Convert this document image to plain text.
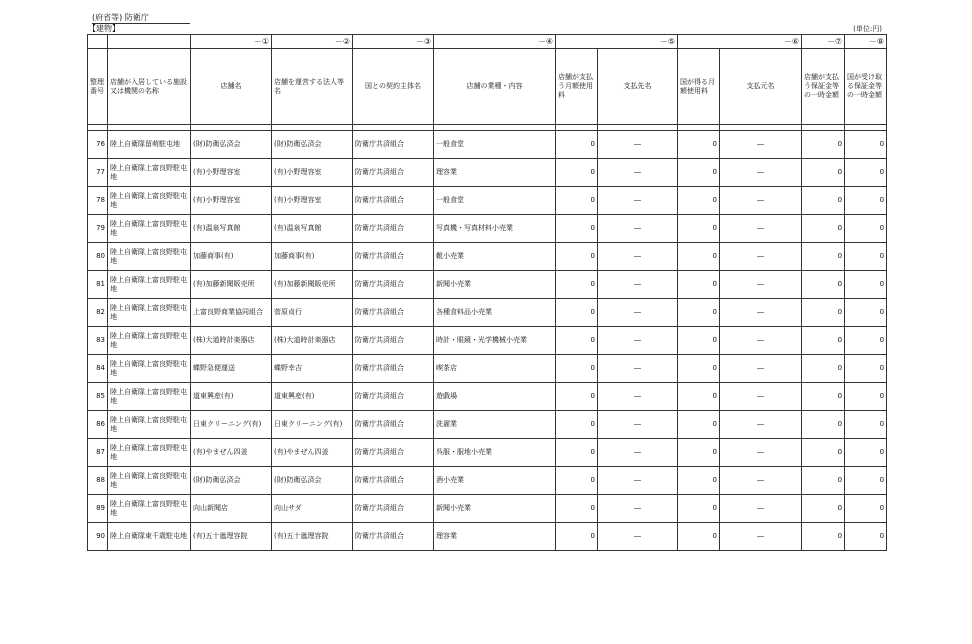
(府省等) 防衛庁
【建物】	(単位:円)
		－①	－②	－③	－④	－⑤		－⑥		－⑦	－⑧
整理番号	店舗が入居している施設又は機関の名称	店舗名	店舗を運営する法人等名	国との契約主体名	店舗の業種・内容	店舗が支払う月額使用料	支払先名	国が得る月額使用料	支払元名	店舗が支払う保証金等の一時金額	国が受け取る保証金等の一時金額

76	陸上自衛隊留萌駐屯地	(財)防衛弘済会	(財)防衛弘済会	防衛庁共済組合	一般食堂	0	―	0	―	0	0
77	陸上自衛隊上富良野駐屯地	(有)小野理容室	(有)小野理容室	防衛庁共済組合	理容業	0	―	0	―	0	0
78	陸上自衛隊上富良野駐屯地	(有)小野理容室	(有)小野理容室	防衛庁共済組合	一般食堂	0	―	0	―	0	0
79	陸上自衛隊上富良野駐屯地	(有)温泉写真館	(有)温泉写真館	防衛庁共済組合	写真機・写真材料小売業	0	―	0	―	0	0
80	陸上自衛隊上富良野駐屯地	加藤商事(有)	加藤商事(有)	防衛庁共済組合	靴小売業	0	―	0	―	0	0
81	陸上自衛隊上富良野駐屯地	(有)加藤新聞販売所	(有)加藤新聞販売所	防衛庁共済組合	新聞小売業	0	―	0	―	0	0
82	陸上自衛隊上富良野駐屯地	上富良野商業協同組合	菅原貞行	防衛庁共済組合	各種食料品小売業	0	―	0	―	0	0
83	陸上自衛隊上富良野駐屯地	(株)大道時計楽器店	(株)大道時計楽器店	防衛庁共済組合	時計・眼鏡・光学機械小売業	0	―	0	―	0	0
84	陸上自衛隊上富良野駐屯地	蝶野急便運送	蝶野幸吉	防衛庁共済組合	喫茶店	0	―	0	―	0	0
85	陸上自衛隊上富良野駐屯地	道東興産(有)	道東興産(有)	防衛庁共済組合	遊戯場	0	―	0	―	0	0
86	陸上自衛隊上富良野駐屯地	日東クリーニング(有)	日東クリーニング(有)	防衛庁共済組合	洗濯業	0	―	0	―	0	0
87	陸上自衛隊上富良野駐屯地	(有)やまぜん四釜	(有)やまぜん四釜	防衛庁共済組合	呉服・服地小売業	0	―	0	―	0	0
88	陸上自衛隊上富良野駐屯地	(財)防衛弘済会	(財)防衛弘済会	防衛庁共済組合	酒小売業	0	―	0	―	0	0
89	陸上自衛隊上富良野駐屯地	向山新聞店	向山サダ	防衛庁共済組合	新聞小売業	0	―	0	―	0	0
90	陸上自衛隊東千歳駐屯地	(有)五十嵐理容院	(有)五十嵐理容院	防衛庁共済組合	理容業	0	―	0	―	0	0
